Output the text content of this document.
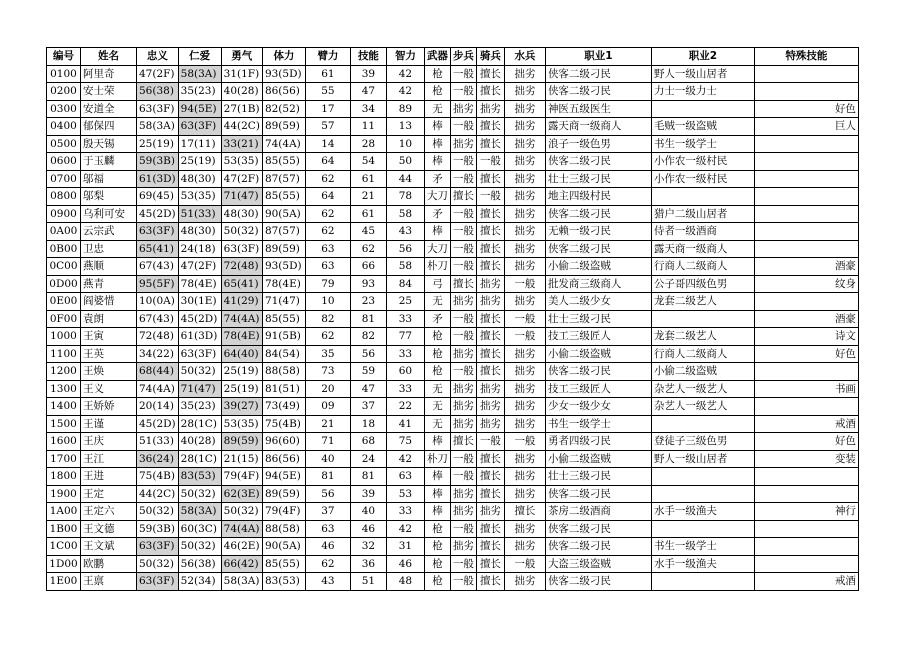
编号	姓名	忠义	仁爱	勇气	体力	臂力	技能	智力	武器	步兵	骑兵	水兵	职业1	职业2	特殊技能
0100	阿里奇	47(2F)	58(3A)	31(1F)	93(5D)	61	39	42	枪	一般	擅长	拙劣	侠客二级刁民	野人一级山居者	
0200	安士荣	56(38)	35(23)	40(28)	86(56)	55	47	42	枪	一般	擅长	拙劣	侠客二级刁民	力士一级力士	
0300	安道全	63(3F)	94(5E)	27(1B)	82(52)	17	34	89	无	拙劣	拙劣	拙劣	神医五级医生		好色
0400	郁保四	58(3A)	63(3F)	44(2C)	89(59)	57	11	13	棒	一般	擅长	拙劣	露天商一级商人	毛贼一级盗贼	巨人
0500	殷天锡	25(19)	17(11)	33(21)	74(4A)	14	28	10	棒	拙劣	擅长	拙劣	浪子一级色男	书生一级学士	
0600	于玉麟	59(3B)	25(19)	53(35)	85(55)	64	54	50	棒	一般	一般	拙劣	侠客二级刁民	小作农一级村民	
0700	邬福	61(3D)	48(30)	47(2F)	87(57)	62	61	44	矛	一般	擅长	拙劣	壮士三级刁民	小作农一级村民	
0800	邬梨	69(45)	53(35)	71(47)	85(55)	64	21	78	大刀	擅长	一般	拙劣	地主四级村民		
0900	乌利可安	45(2D)	51(33)	48(30)	90(5A)	62	61	58	矛	一般	擅长	拙劣	侠客二级刁民	猎户二级山居者	
0A00	云宗武	63(3F)	48(30)	50(32)	87(57)	62	45	43	棒	一般	擅长	拙劣	无赖一级刁民	侍者一级酒商	
0B00	卫忠	65(41)	24(18)	63(3F)	89(59)	63	62	56	大刀	一般	擅长	拙劣	侠客二级刁民	露天商一级商人	
0C00	燕顺	67(43)	47(2F)	72(48)	93(5D)	63	66	58	朴刀	一般	擅长	拙劣	小偷二级盗贼	行商人二级商人	酒豪
0D00	燕青	95(5F)	78(4E)	65(41)	78(4E)	79	93	84	弓	擅长	拙劣	一般	批发商三级商人	公子哥四级色男	纹身
0E00	阎婆惜	10(0A)	30(1E)	41(29)	71(47)	10	23	25	无	拙劣	拙劣	拙劣	美人二级少女	龙套二级艺人	
0F00	袁朗	67(43)	45(2D)	74(4A)	85(55)	82	81	33	矛	一般	擅长	一般	壮士三级刁民		酒豪
1000	王寅	72(48)	61(3D)	78(4E)	91(5B)	62	82	77	枪	一般	擅长	一般	技工三级匠人	龙套二级艺人	诗文
1100	王英	34(22)	63(3F)	64(40)	84(54)	35	56	33	枪	拙劣	擅长	拙劣	小偷二级盗贼	行商人二级商人	好色
1200	王焕	68(44)	50(32)	25(19)	88(58)	73	59	60	枪	一般	擅长	拙劣	侠客二级刁民	小偷二级盗贼	
1300	王义	74(4A)	71(47)	25(19)	81(51)	20	47	33	无	拙劣	拙劣	拙劣	技工三级匠人	杂艺人一级艺人	书画
1400	王娇娇	20(14)	35(23)	39(27)	73(49)	09	37	22	无	拙劣	拙劣	拙劣	少女一级少女	杂艺人一级艺人	
1500	王谨	45(2D)	28(1C)	53(35)	75(4B)	21	18	41	无	拙劣	拙劣	拙劣	书生一级学士		戒酒
1600	王庆	51(33)	40(28)	89(59)	96(60)	71	68	75	棒	擅长	一般	一般	勇者四级刁民	登徒子三级色男	好色
1700	王江	36(24)	28(1C)	21(15)	86(56)	40	24	42	朴刀	一般	擅长	拙劣	小偷二级盗贼	野人一级山居者	变装
1800	王进	75(4B)	83(53)	79(4F)	94(5E)	81	81	63	棒	一般	擅长	拙劣	壮士三级刁民		
1900	王定	44(2C)	50(32)	62(3E)	89(59)	56	39	53	棒	拙劣	擅长	拙劣	侠客二级刁民		
1A00	王定六	50(32)	58(3A)	50(32)	79(4F)	37	40	33	棒	拙劣	拙劣	擅长	茶房二级酒商	水手一级渔夫	神行
1B00	王文德	59(3B)	60(3C)	74(4A)	88(58)	63	46	42	枪	一般	擅长	拙劣	侠客二级刁民		
1C00	王文斌	63(3F)	50(32)	46(2E)	90(5A)	46	32	31	枪	拙劣	擅长	拙劣	侠客二级刁民	书生一级学士	
1D00	欧鹏	50(32)	56(38)	66(42)	85(55)	62	36	46	枪	一般	擅长	一般	大盗三级盗贼	水手一级渔夫	
1E00	王禀	63(3F)	52(34)	58(3A)	83(53)	43	51	48	枪	一般	擅长	拙劣	侠客二级刁民		戒酒
